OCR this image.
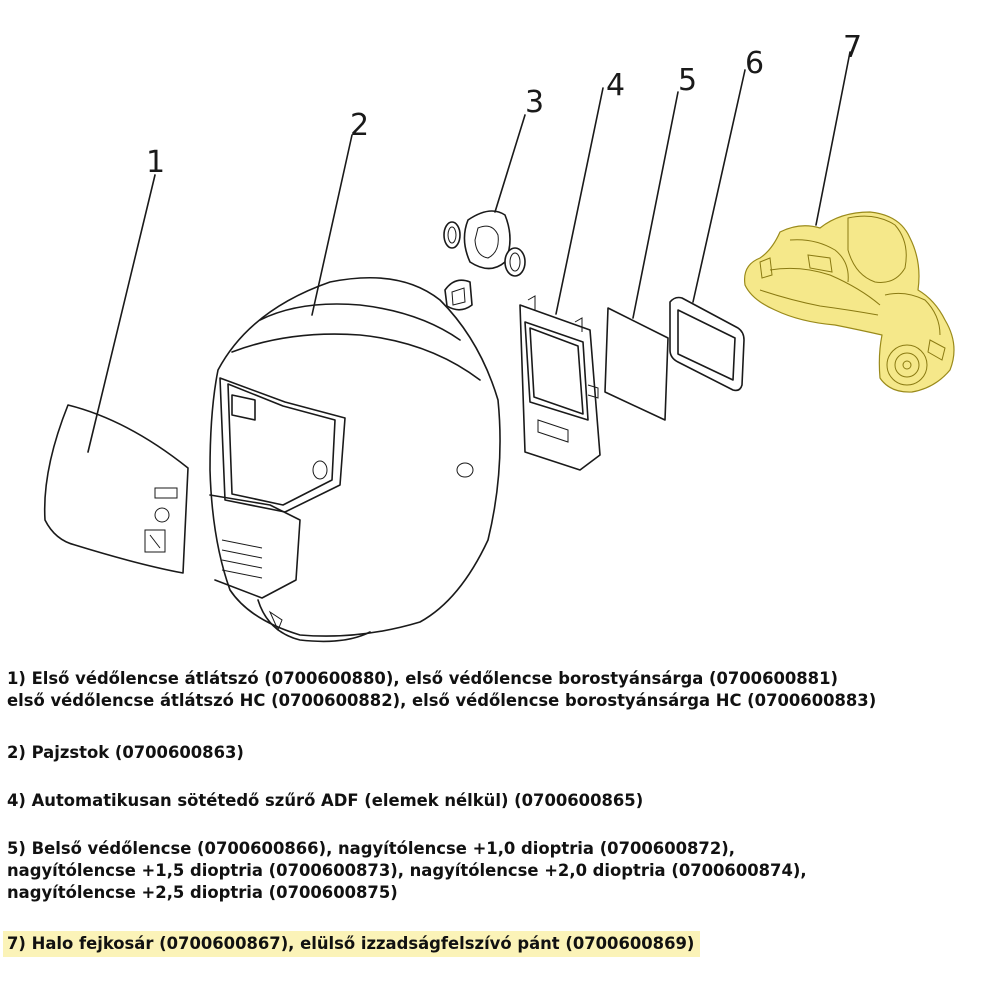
1
2
3 4 5 6	7

1) Első védőlencse átlátszó (0700600880), első védőlencse borostyánsárga (0700600881)
első védőlencse átlátszó HC (0700600882), első védőlencse borostyánsárga HC (0700600883)

2) Pajzstok (0700600863)

4) Automatikusan sötétedő szűrő ADF (elemek nélkül) (0700600865)

5) Belső védőlencse (0700600866), nagyítólencse +1,0 dioptria (0700600872),
nagyítólencse +1,5 dioptria (0700600873), nagyítólencse +2,0 dioptria (0700600874),
nagyítólencse +2,5 dioptria (0700600875)

7) Halo fejkosár (0700600867), elülső izzadságfelszívó pánt (0700600869)
